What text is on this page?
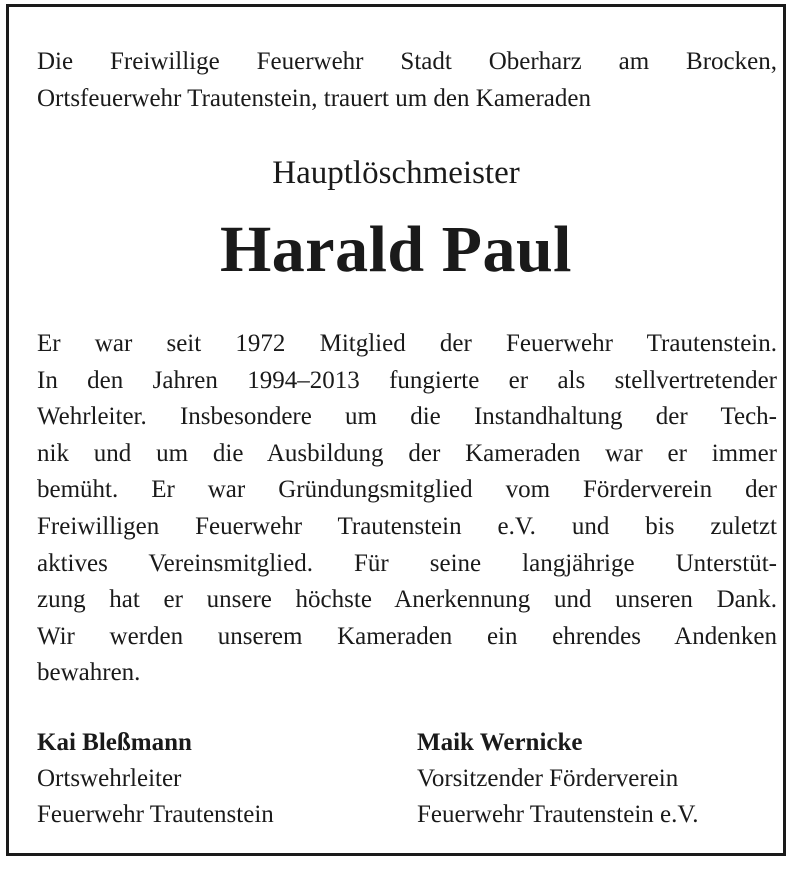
Die Freiwillige Feuerwehr Stadt Oberharz am Brocken,
Ortsfeuerwehr Trautenstein, trauert um den Kameraden

Hauptlöschmeister

Harald Paul

Er war seit 1972 Mitglied der Feuerwehr Trautenstein.
In den Jahren 1994–2013 fungierte er als stellvertretender
Wehrleiter. Insbesondere um die Instandhaltung der Tech-
nik und um die Ausbildung der Kameraden war er immer
bemüht. Er war Gründungsmitglied vom Förderverein der
Freiwilligen Feuerwehr Trautenstein e.V. und bis zuletzt
aktives Vereinsmitglied. Für seine langjährige Unterstüt-
zung hat er unsere höchste Anerkennung und unseren Dank.
Wir werden unserem Kameraden ein ehrendes Andenken
bewahren.

Kai Bleßmann
Ortswehrleiter
Feuerwehr Trautenstein
Maik Wernicke
Vorsitzender Förderverein
Feuerwehr Trautenstein e.V.
